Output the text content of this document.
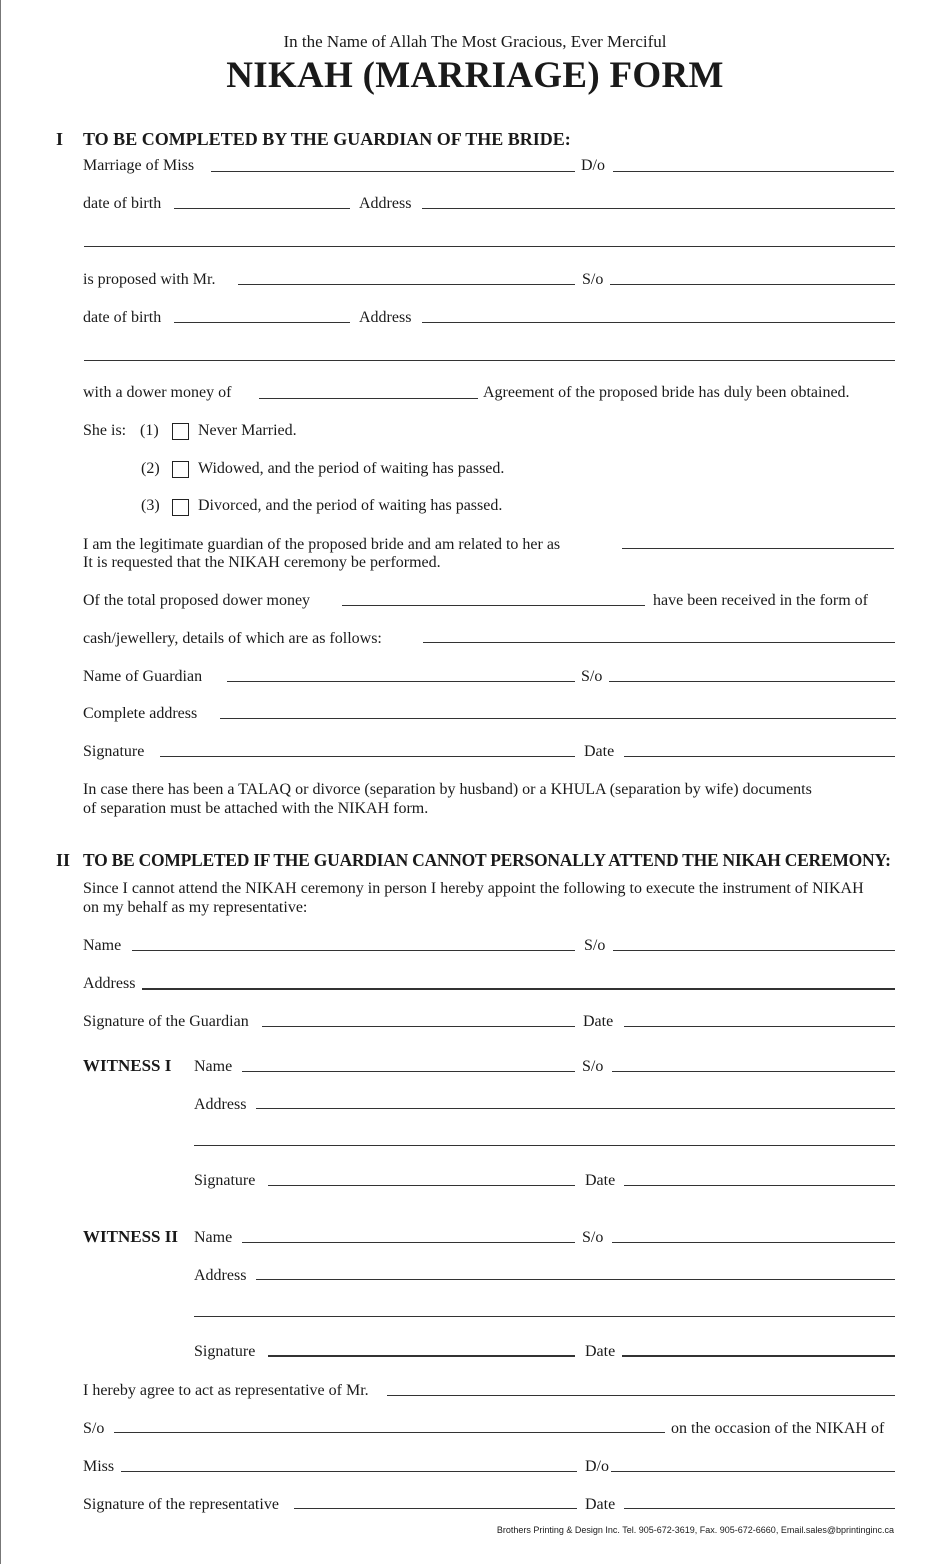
In the Name of Allah The Most Gracious, Ever Merciful
NIKAH (MARRIAGE) FORM
I TO BE COMPLETED BY THE GUARDIAN OF THE BRIDE:
Marriage of Miss	D/o
date of birth	Address
is proposed with Mr.	S/o
date of birth	Address
with a dower money of	Agreement of the proposed bride has duly been obtained.
She is: (1) Never Married.
(2) Widowed, and the period of waiting has passed.
(3) Divorced, and the period of waiting has passed.
I am the legitimate guardian of the proposed bride and am related to her as
It is requested that the NIKAH ceremony be performed.
Of the total proposed dower money	have been received in the form of
cash/jewellery, details of which are as follows:
Name of Guardian	S/o
Complete address
Signature	Date
In case there has been a TALAQ or divorce (separation by husband) or a KHULA (separation by wife) documents
of separation must be attached with the NIKAH form.
II TO BE COMPLETED IF THE GUARDIAN CANNOT PERSONALLY ATTEND THE NIKAH CEREMONY:
Since I cannot attend the NIKAH ceremony in person I hereby appoint the following to execute the instrument of NIKAH
on my behalf as my representative:
Name	S/o
Address
Signature of the Guardian	Date
WITNESS I Name	S/o
Address
Signature	Date
WITNESS II Name	S/o
Address
Signature	Date
I hereby agree to act as representative of Mr.
S/o	on the occasion of the NIKAH of
Miss	D/o
Signature of the representative	Date
Brothers Printing & Design Inc. Tel. 905-672-3619, Fax. 905-672-6660, Email.sales@bprintinginc.ca
